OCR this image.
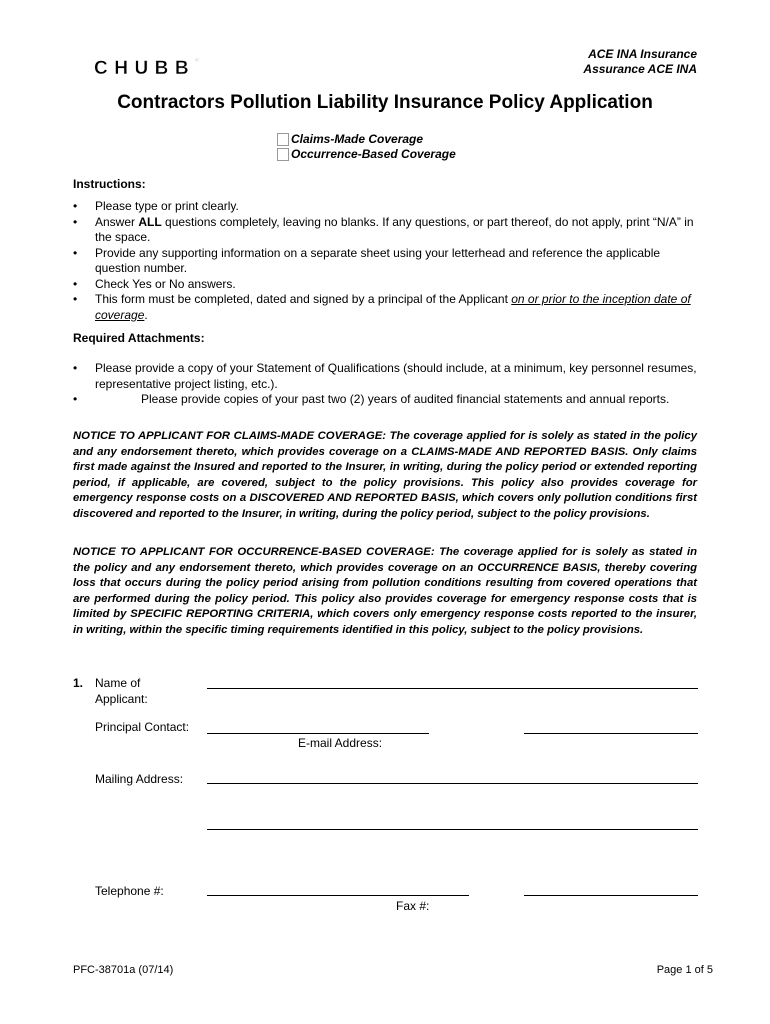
CHUBB®	ACE INA Insurance
Assurance ACE INA
Contractors Pollution Liability Insurance Policy Application
Claims-Made Coverage
Occurrence-Based Coverage
Instructions:
• Please type or print clearly.
• Answer ALL questions completely, leaving no blanks. If any questions, or part thereof, do not apply, print “N/A” in the space.
• Provide any supporting information on a separate sheet using your letterhead and reference the applicable question number.
• Check Yes or No answers.
• This form must be completed, dated and signed by a principal of the Applicant on or prior to the inception date of coverage.
Required Attachments:
• Please provide a copy of your Statement of Qualifications (should include, at a minimum, key personnel resumes, representative project listing, etc.).
• Please provide copies of your past two (2) years of audited financial statements and annual reports.
NOTICE TO APPLICANT FOR CLAIMS-MADE COVERAGE: The coverage applied for is solely as stated in the policy and any endorsement thereto, which provides coverage on a CLAIMS-MADE AND REPORTED BASIS. Only claims first made against the Insured and reported to the Insurer, in writing, during the policy period or extended reporting period, if applicable, are covered, subject to the policy provisions. This policy also provides coverage for emergency response costs on a DISCOVERED AND REPORTED BASIS, which covers only pollution conditions first discovered and reported to the Insurer, in writing, during the policy period, subject to the policy provisions.
NOTICE TO APPLICANT FOR OCCURRENCE-BASED COVERAGE: The coverage applied for is solely as stated in the policy and any endorsement thereto, which provides coverage on an OCCURRENCE BASIS, thereby covering loss that occurs during the policy period arising from pollution conditions resulting from covered operations that are performed during the policy period. This policy also provides coverage for emergency response costs that is limited by SPECIFIC REPORTING CRITERIA, which covers only emergency response costs reported to the insurer, in writing, within the specific timing requirements identified in this policy, subject to the policy provisions.
1. Name of
Applicant:
Principal Contact:
E-mail Address:
Mailing Address:
Telephone #:
Fax #:
PFC-38701a (07/14)	Page 1 of 5
